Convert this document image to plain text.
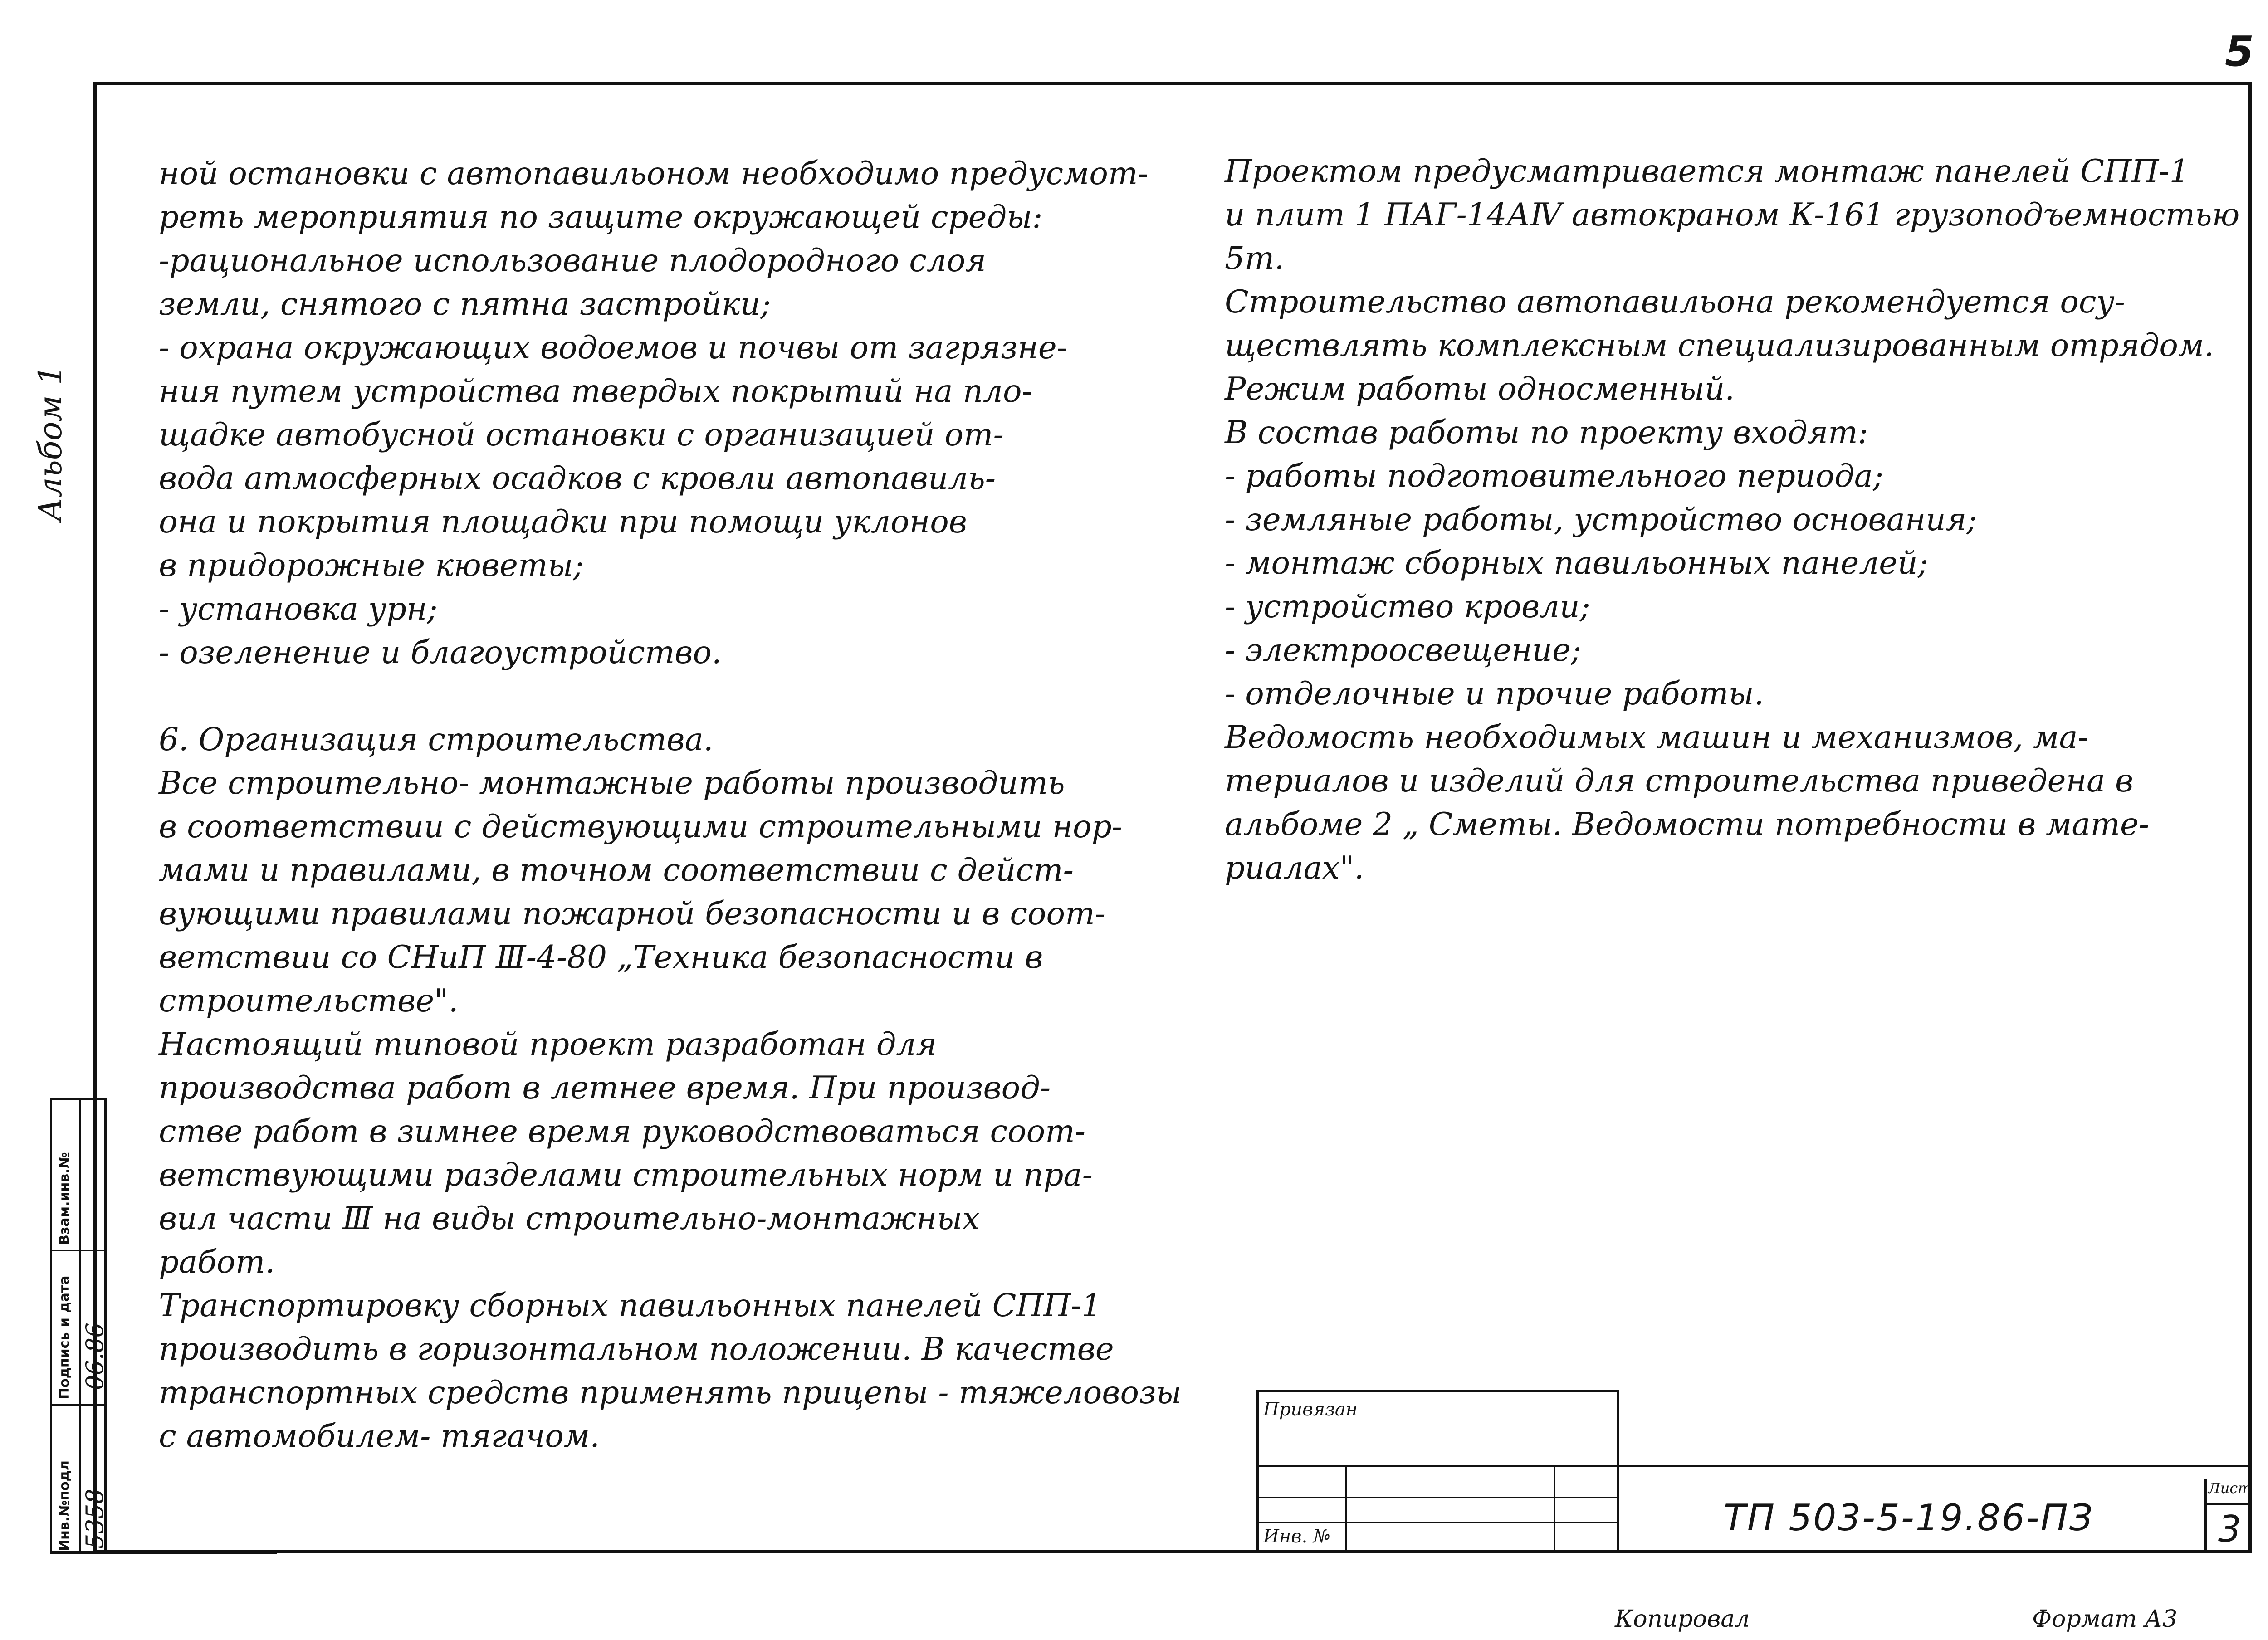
5
Альбом 1

ной остановки с автопавильоном необходимо предусмот-

реть мероприятия по защите окружающей среды:

-рациональное использование плодородного слоя

земли, снятого с пятна застройки;

- охрана окружающих водоемов и почвы от загрязне-

ния путем устройства твердых покрытий на пло-

щадке автобусной остановки с организацией от-

вода атмосферных осадков с кровли автопавиль-

она и покрытия площадки при помощи уклонов

в придорожные кюветы;

- установка урн;

- озеленение и благоустройство.

6. Организация строительства.

Все строительно- монтажные работы производить

в соответствии с действующими строительными нор-

мами и правилами, в точном соответствии с дейст-

вующими правилами пожарной безопасности и в соот-

ветствии со СНиП Ⅲ-4-80 „Техника безопасности в

строительстве".

Настоящий типовой проект разработан для

производства работ в летнее время. При производ-

стве работ в зимнее время руководствоваться соот-

ветствующими разделами строительных норм и пра-

вил части Ⅲ на виды строительно-монтажных

работ.

Транспортировку сборных павильонных панелей СПП-1

производить в горизонтальном положении. В качестве

транспортных средств применять прицепы - тяжеловозы

с автомобилем- тягачом.

Проектом предусматривается монтаж панелей СПП-1

и плит 1 ПАГ-14АⅣ автокраном К-161 грузоподъемностью

5т.

Строительство автопавильона рекомендуется осу-

ществлять комплексным специализированным отрядом.

Режим работы односменный.

В состав работы по проекту входят:

- работы подготовительного периода;

- земляные работы, устройство основания;

- монтаж сборных павильонных панелей;

- устройство кровли;

- электроосвещение;

- отделочные и прочие работы.

Ведомость необходимых машин и механизмов, ма-

териалов и изделий для строительства приведена в

альбоме 2 „ Сметы. Ведомости потребности в мате-

риалах".

Взам.инв.№
Подпись и дата 06.86
Инв.№подл 5358
Привязан
Инв. №	ТП 503-5-19.86-ПЗ
Лист
3
Копировал	Формат А3
